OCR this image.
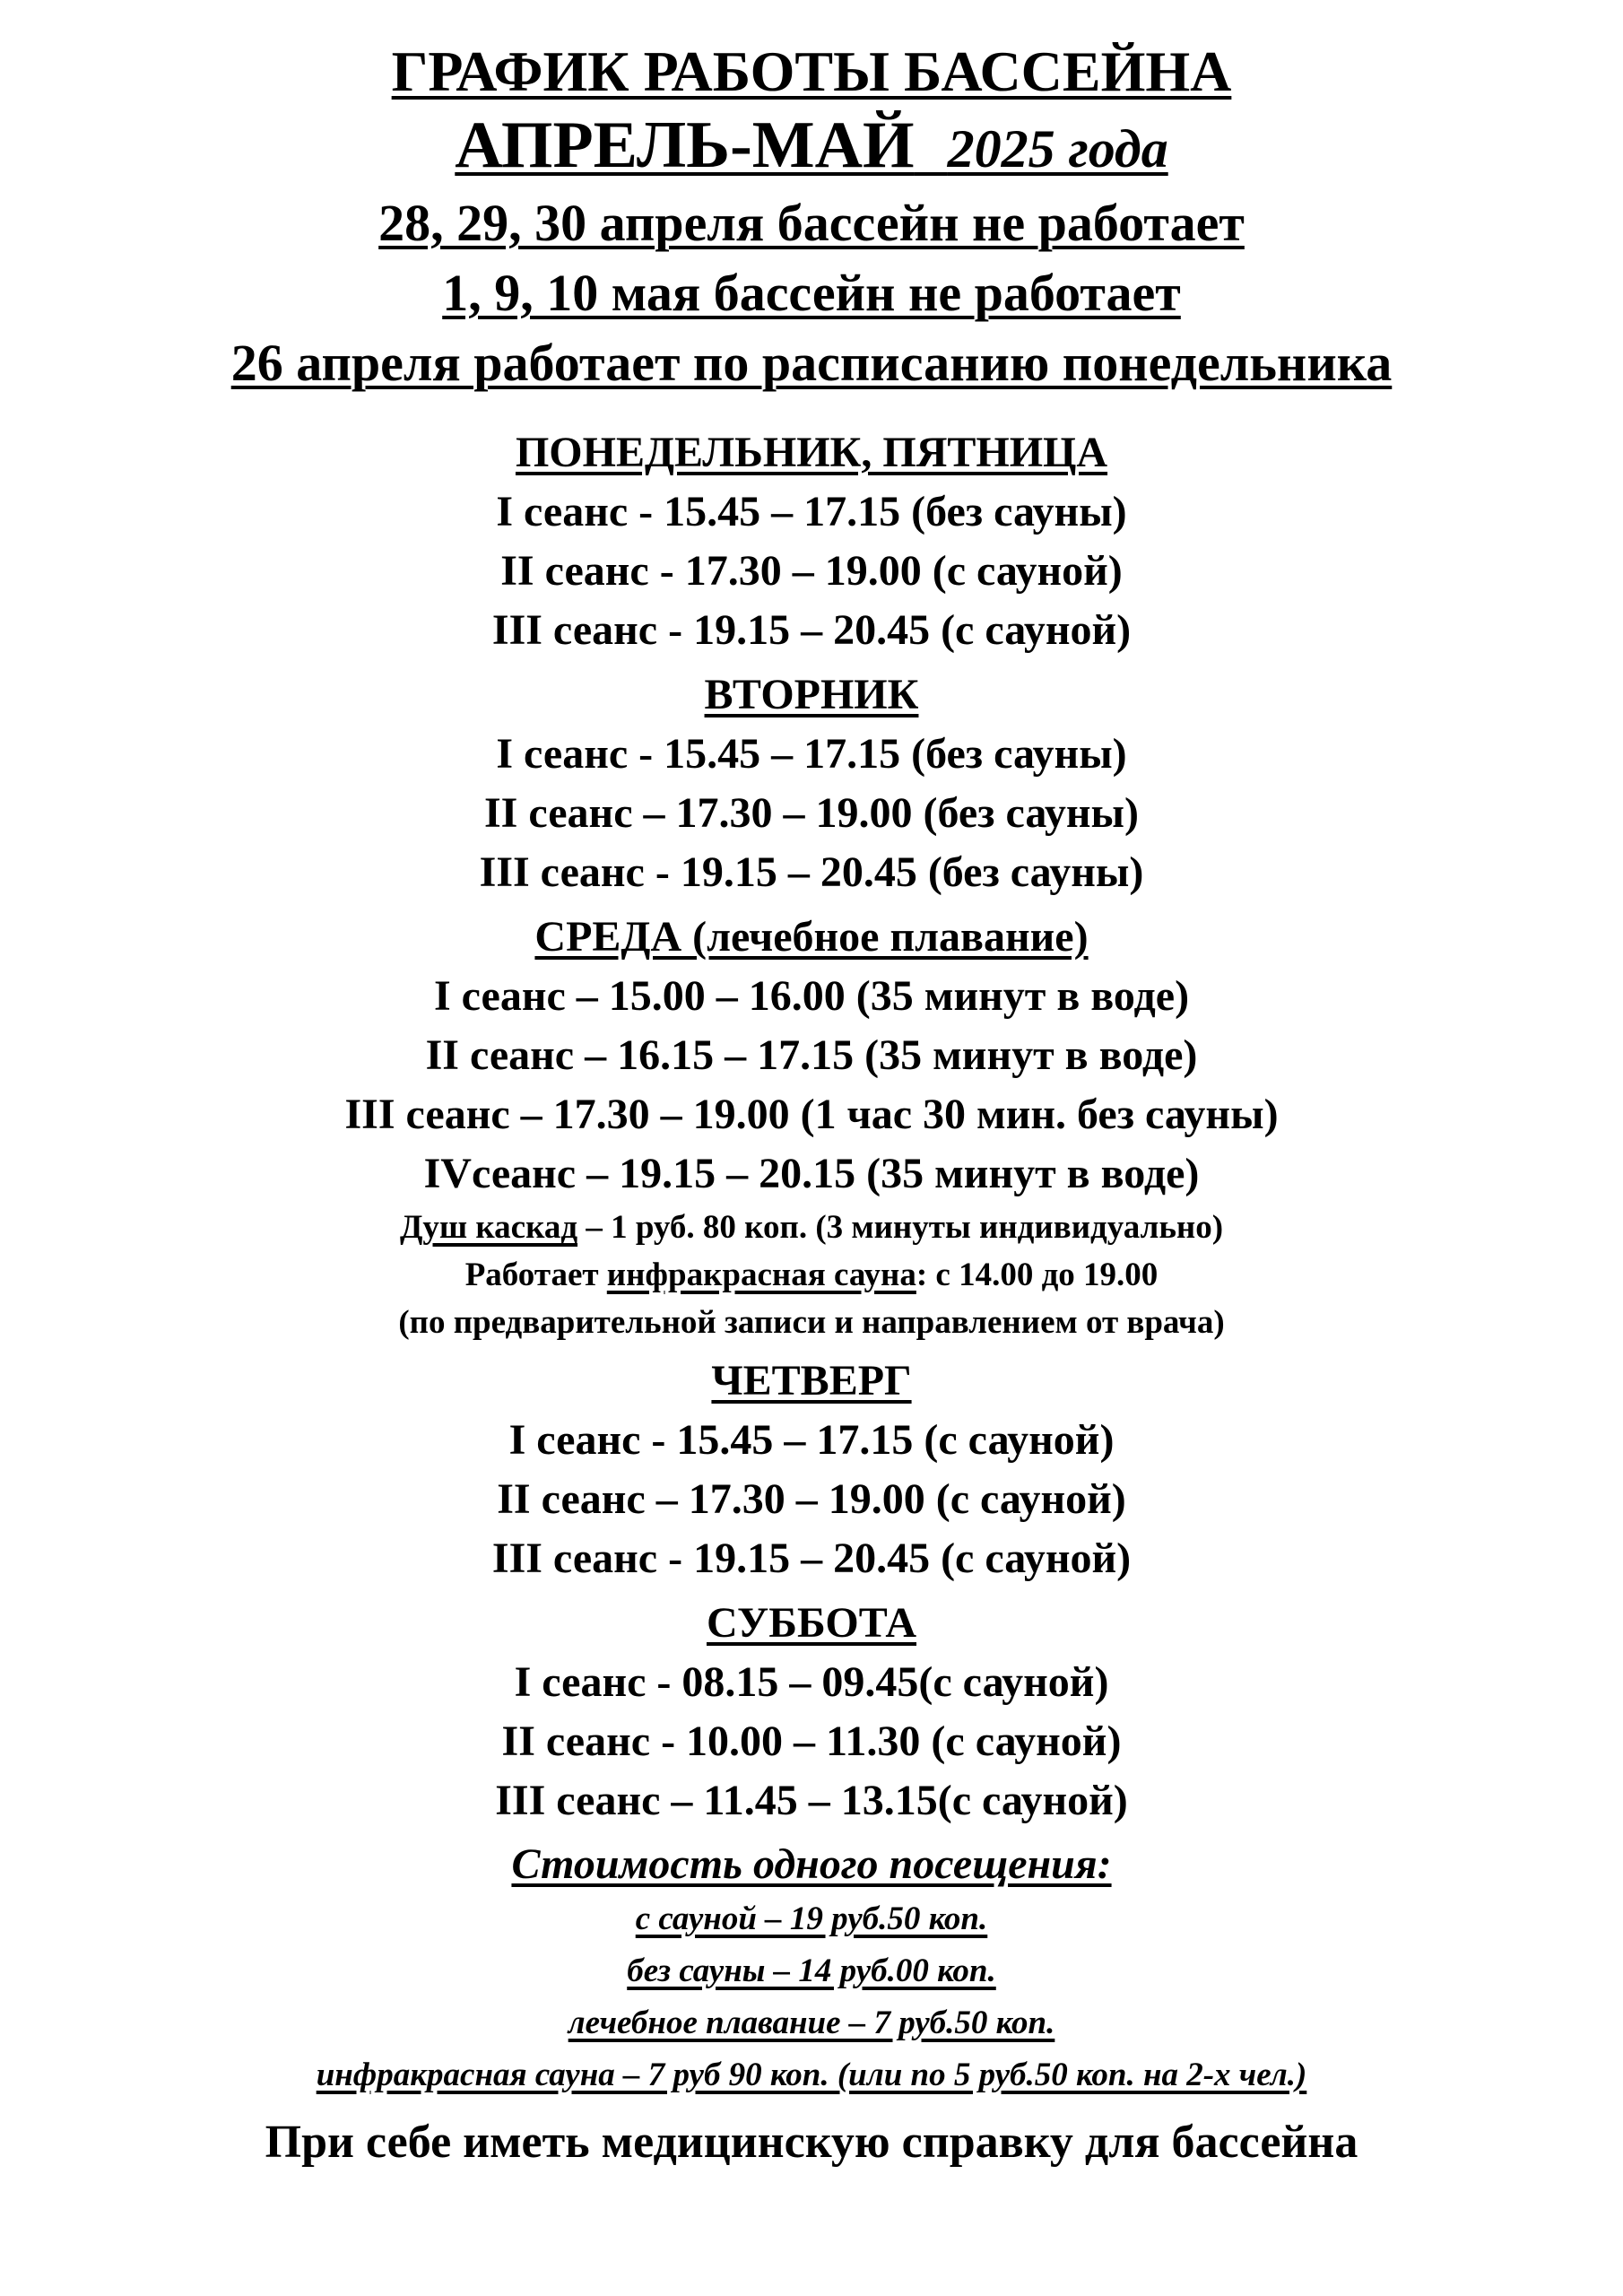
ГРАФИК РАБОТЫ БАССЕЙНА
АПРЕЛЬ-МАЙ 2025 года
28, 29, 30 апреля бассейн не работает
1, 9, 10 мая бассейн не работает
26 апреля работает по расписанию понедельника
ПОНЕДЕЛЬНИК, ПЯТНИЦА
I сеанс - 15.45 – 17.15 (без сауны)
II сеанс - 17.30 – 19.00 (с сауной)
III сеанс - 19.15 – 20.45 (с сауной)
ВТОРНИК
I сеанс - 15.45 – 17.15 (без сауны)
II сеанс – 17.30 – 19.00 (без сауны)
III сеанс - 19.15 – 20.45 (без сауны)
СРЕДА (лечебное плавание)
I сеанс – 15.00 – 16.00 (35 минут в воде)
II сеанс – 16.15 – 17.15 (35 минут в воде)
III сеанс – 17.30 – 19.00 (1 час 30 мин. без сауны)
IVсеанс – 19.15 – 20.15 (35 минут в воде)
Душ каскад – 1 руб. 80 коп. (3 минуты индивидуально)
Работает инфракрасная сауна: с 14.00 до 19.00
(по предварительной записи и направлением от врача)
ЧЕТВЕРГ
I сеанс - 15.45 – 17.15 (с сауной)
II сеанс – 17.30 – 19.00 (с сауной)
III сеанс - 19.15 – 20.45 (с сауной)
СУББОТА
I сеанс - 08.15 – 09.45(с сауной)
II сеанс - 10.00 – 11.30 (с сауной)
III сеанс – 11.45 – 13.15(с сауной)
Стоимость одного посещения:
с сауной – 19 руб.50 коп.
без сауны – 14 руб.00 коп.
лечебное плавание – 7 руб.50 коп.
инфракрасная сауна – 7 руб 90 коп. (или по 5 руб.50 коп. на 2-х чел.)
При себе иметь медицинскую справку для бассейна
